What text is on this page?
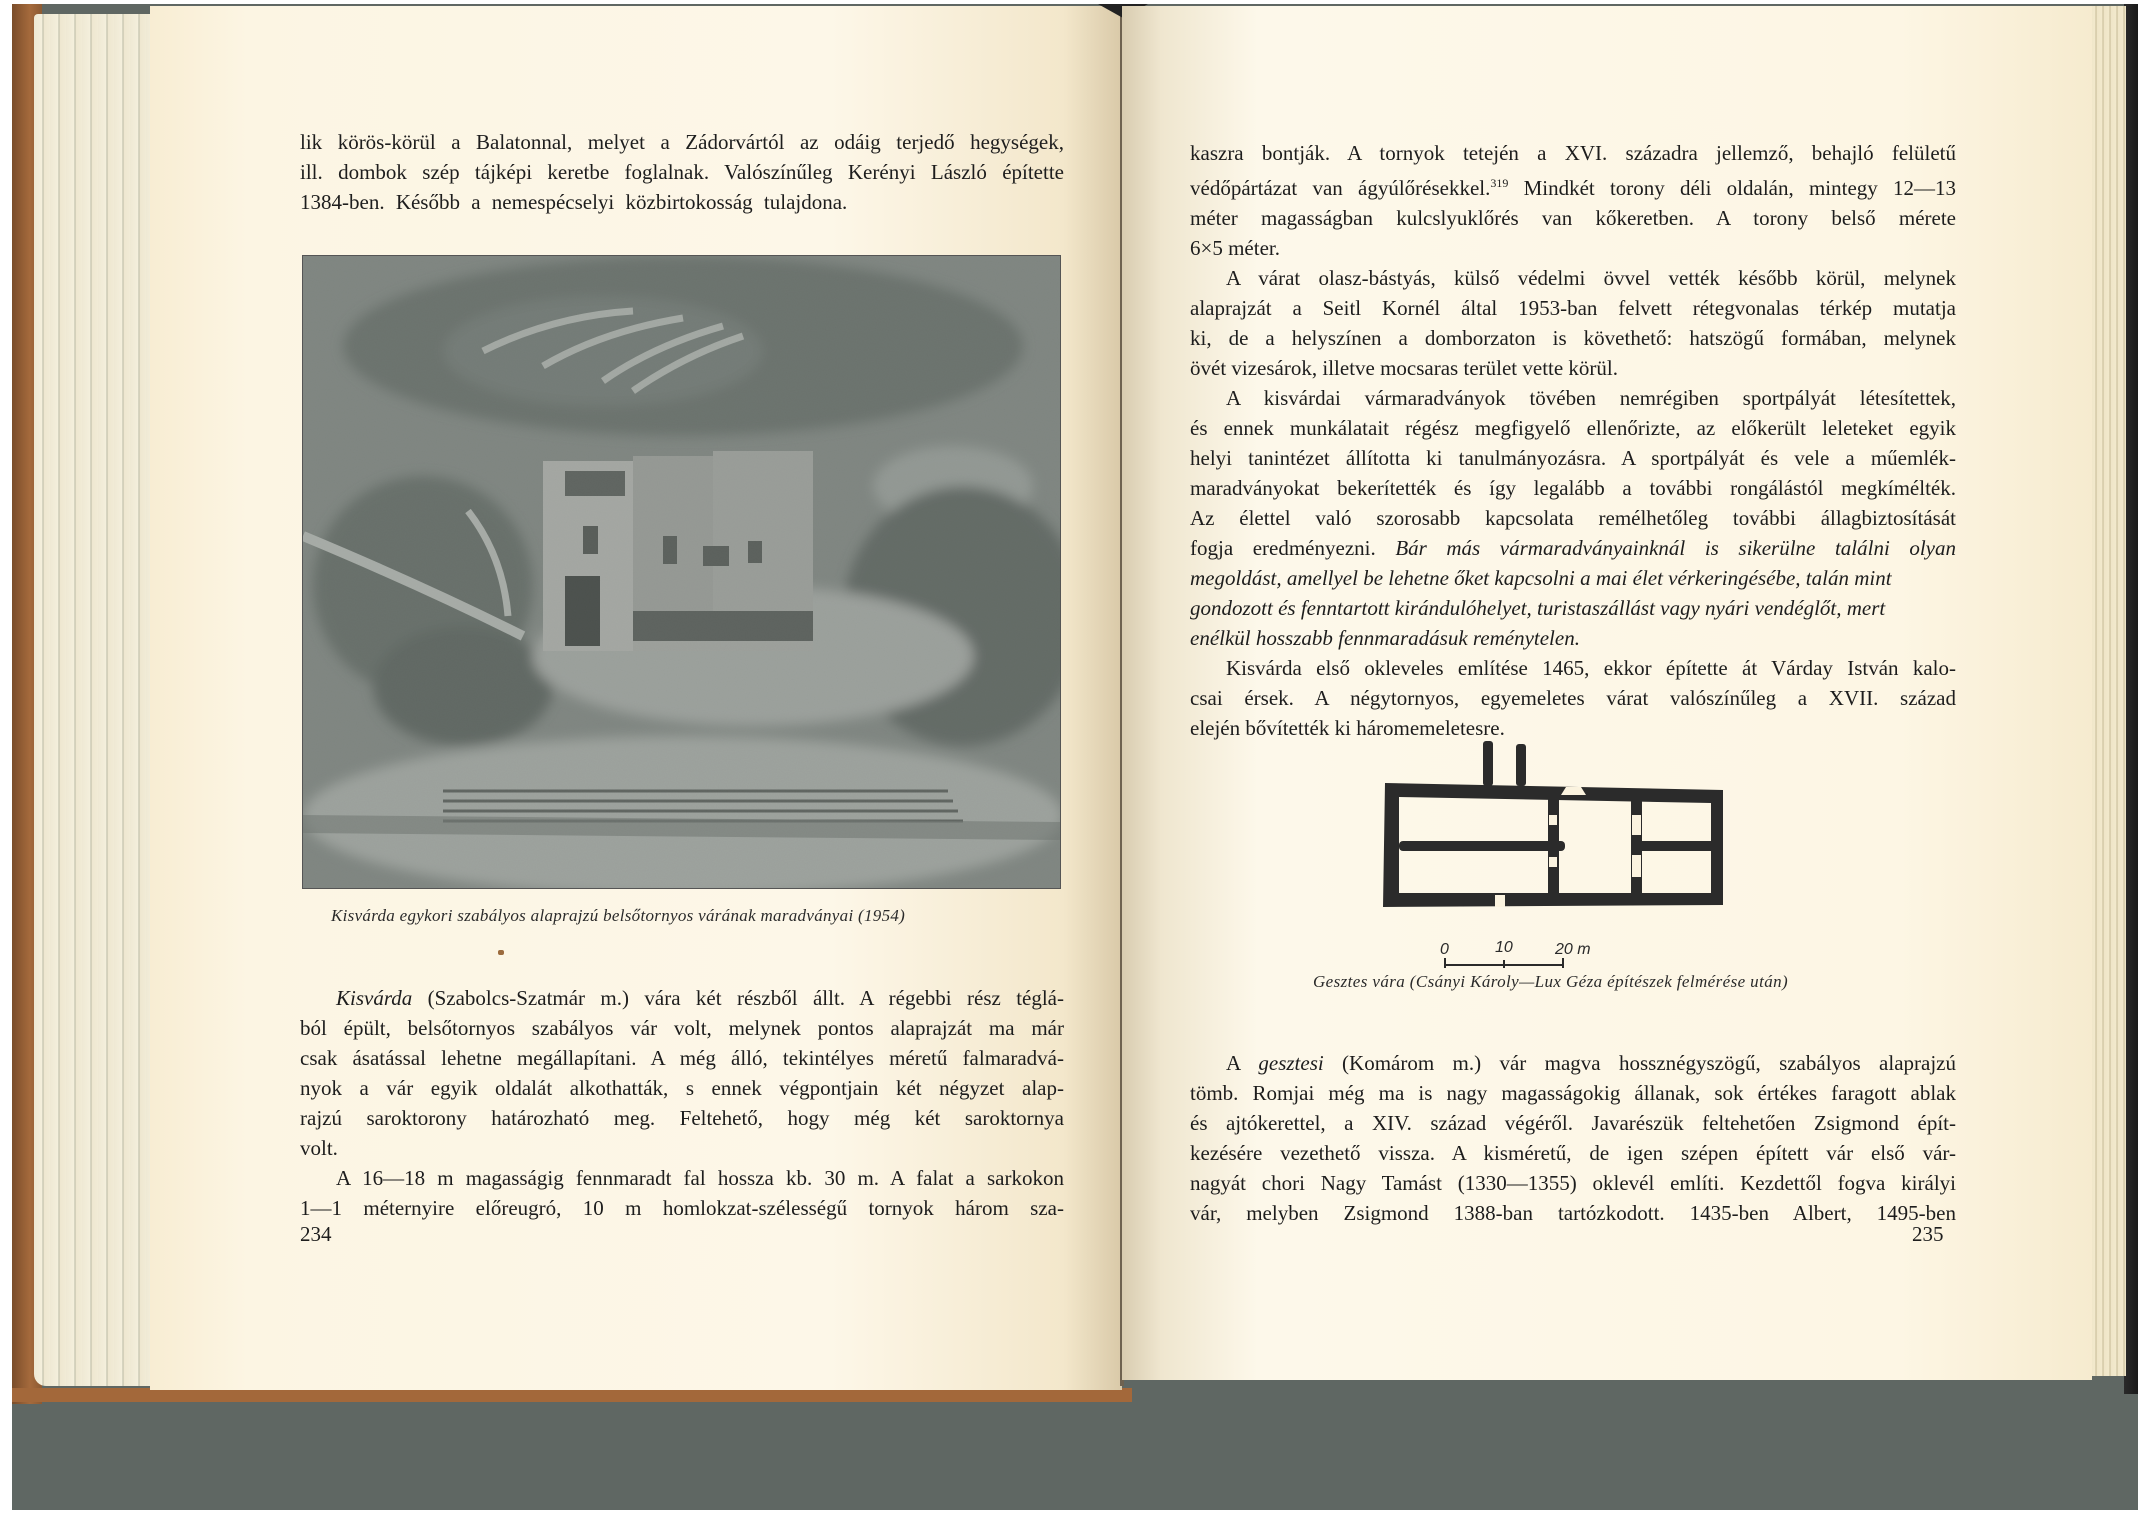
lik körös-körül a Balatonnal, melyet a Zádorvártól az odáig terjedő hegységek,
ill. dombok szép tájképi keretbe foglalnak. Valószínűleg Kerényi László építette
1384-ben. Később a nemespécselyi közbirtokosság tulajdona.

Kisvárda egykori szabályos alaprajzú belsőtornyos várának maradványai (1954)

Kisvárda (Szabolcs-Szatmár m.) vára két részből állt. A régebbi rész téglá-

ból épült, belsőtornyos szabályos vár volt, melynek pontos alaprajzát ma már
csak ásatással lehetne megállapítani. A még álló, tekintélyes méretű falmaradvá-
nyok a vár egyik oldalát alkothatták, s ennek végpontjain két négyzet alap-
rajzú saroktorony határozható meg. Feltehető, hogy még két saroktornya
volt.

A 16—18 m magasságig fennmaradt fal hossza kb. 30 m. A falat a sarkokon

1—1 méternyire előreugró, 10 m homlokzat-szélességű tornyok három sza-

234

kaszra bontják. A tornyok tetején a XVI. századra jellemző, behajló felületű
védőpártázat van ágyúlőrésekkel.$^{319}$ Mindkét torony déli oldalán, mintegy 12—13
méter magasságban kulcslyuklőrés van kőkeretben. A torony belső mérete
6×5 méter.

A várat olasz-bástyás, külső védelmi övvel vették később körül, melynek

alaprajzát a Seitl Kornél által 1953-ban felvett rétegvonalas térkép mutatja
ki, de a helyszínen a domborzaton is követhető: hatszögű formában, melynek
övét vizesárok, illetve mocsaras terület vette körül.

A kisvárdai vármaradványok tövében nemrégiben sportpályát létesítettek,

és ennek munkálatait régész megfigyelő ellenőrizte, az előkerült leleteket egyik
helyi tanintézet állította ki tanulmányozásra. A sportpályát és vele a műemlék-
maradványokat bekerítették és így legalább a további rongálástól megkímélték.
Az élettel való szorosabb kapcsolata remélhetőleg további állagbiztosítását
fogja eredményezni. Bár más vármaradványainknál is sikerülne találni olyan
megoldást, amellyel be lehetne őket kapcsolni a mai élet vérkeringésébe, talán mint
gondozott és fenntartott kirándulóhelyet, turistaszállást vagy nyári vendéglőt, mert
enélkül hosszabb fennmaradásuk reménytelen.

Kisvárda első okleveles említése 1465, ekkor építette át Várday István kalo-

csai érsek. A négytornyos, egyemeletes várat valószínűleg a XVII. század
elején bővítették ki háromemeletesre.

0	10	20 m
Gesztes vára (Csányi Károly—Lux Géza építészek felmérése után)

A gesztesi (Komárom m.) vár magva hossznégyszögű, szabályos alaprajzú

tömb. Romjai még ma is nagy magasságokig állanak, sok értékes faragott ablak
és ajtókerettel, a XIV. század végéről. Javarészük feltehetően Zsigmond épít-
kezésére vezethető vissza. A kisméretű, de igen szépen épített vár első vár-
nagyát chori Nagy Tamást (1330—1355) oklevél említi. Kezdettől fogva királyi
vár, melyben Zsigmond 1388-ban tartózkodott. 1435-ben Albert, 1495-ben

235
